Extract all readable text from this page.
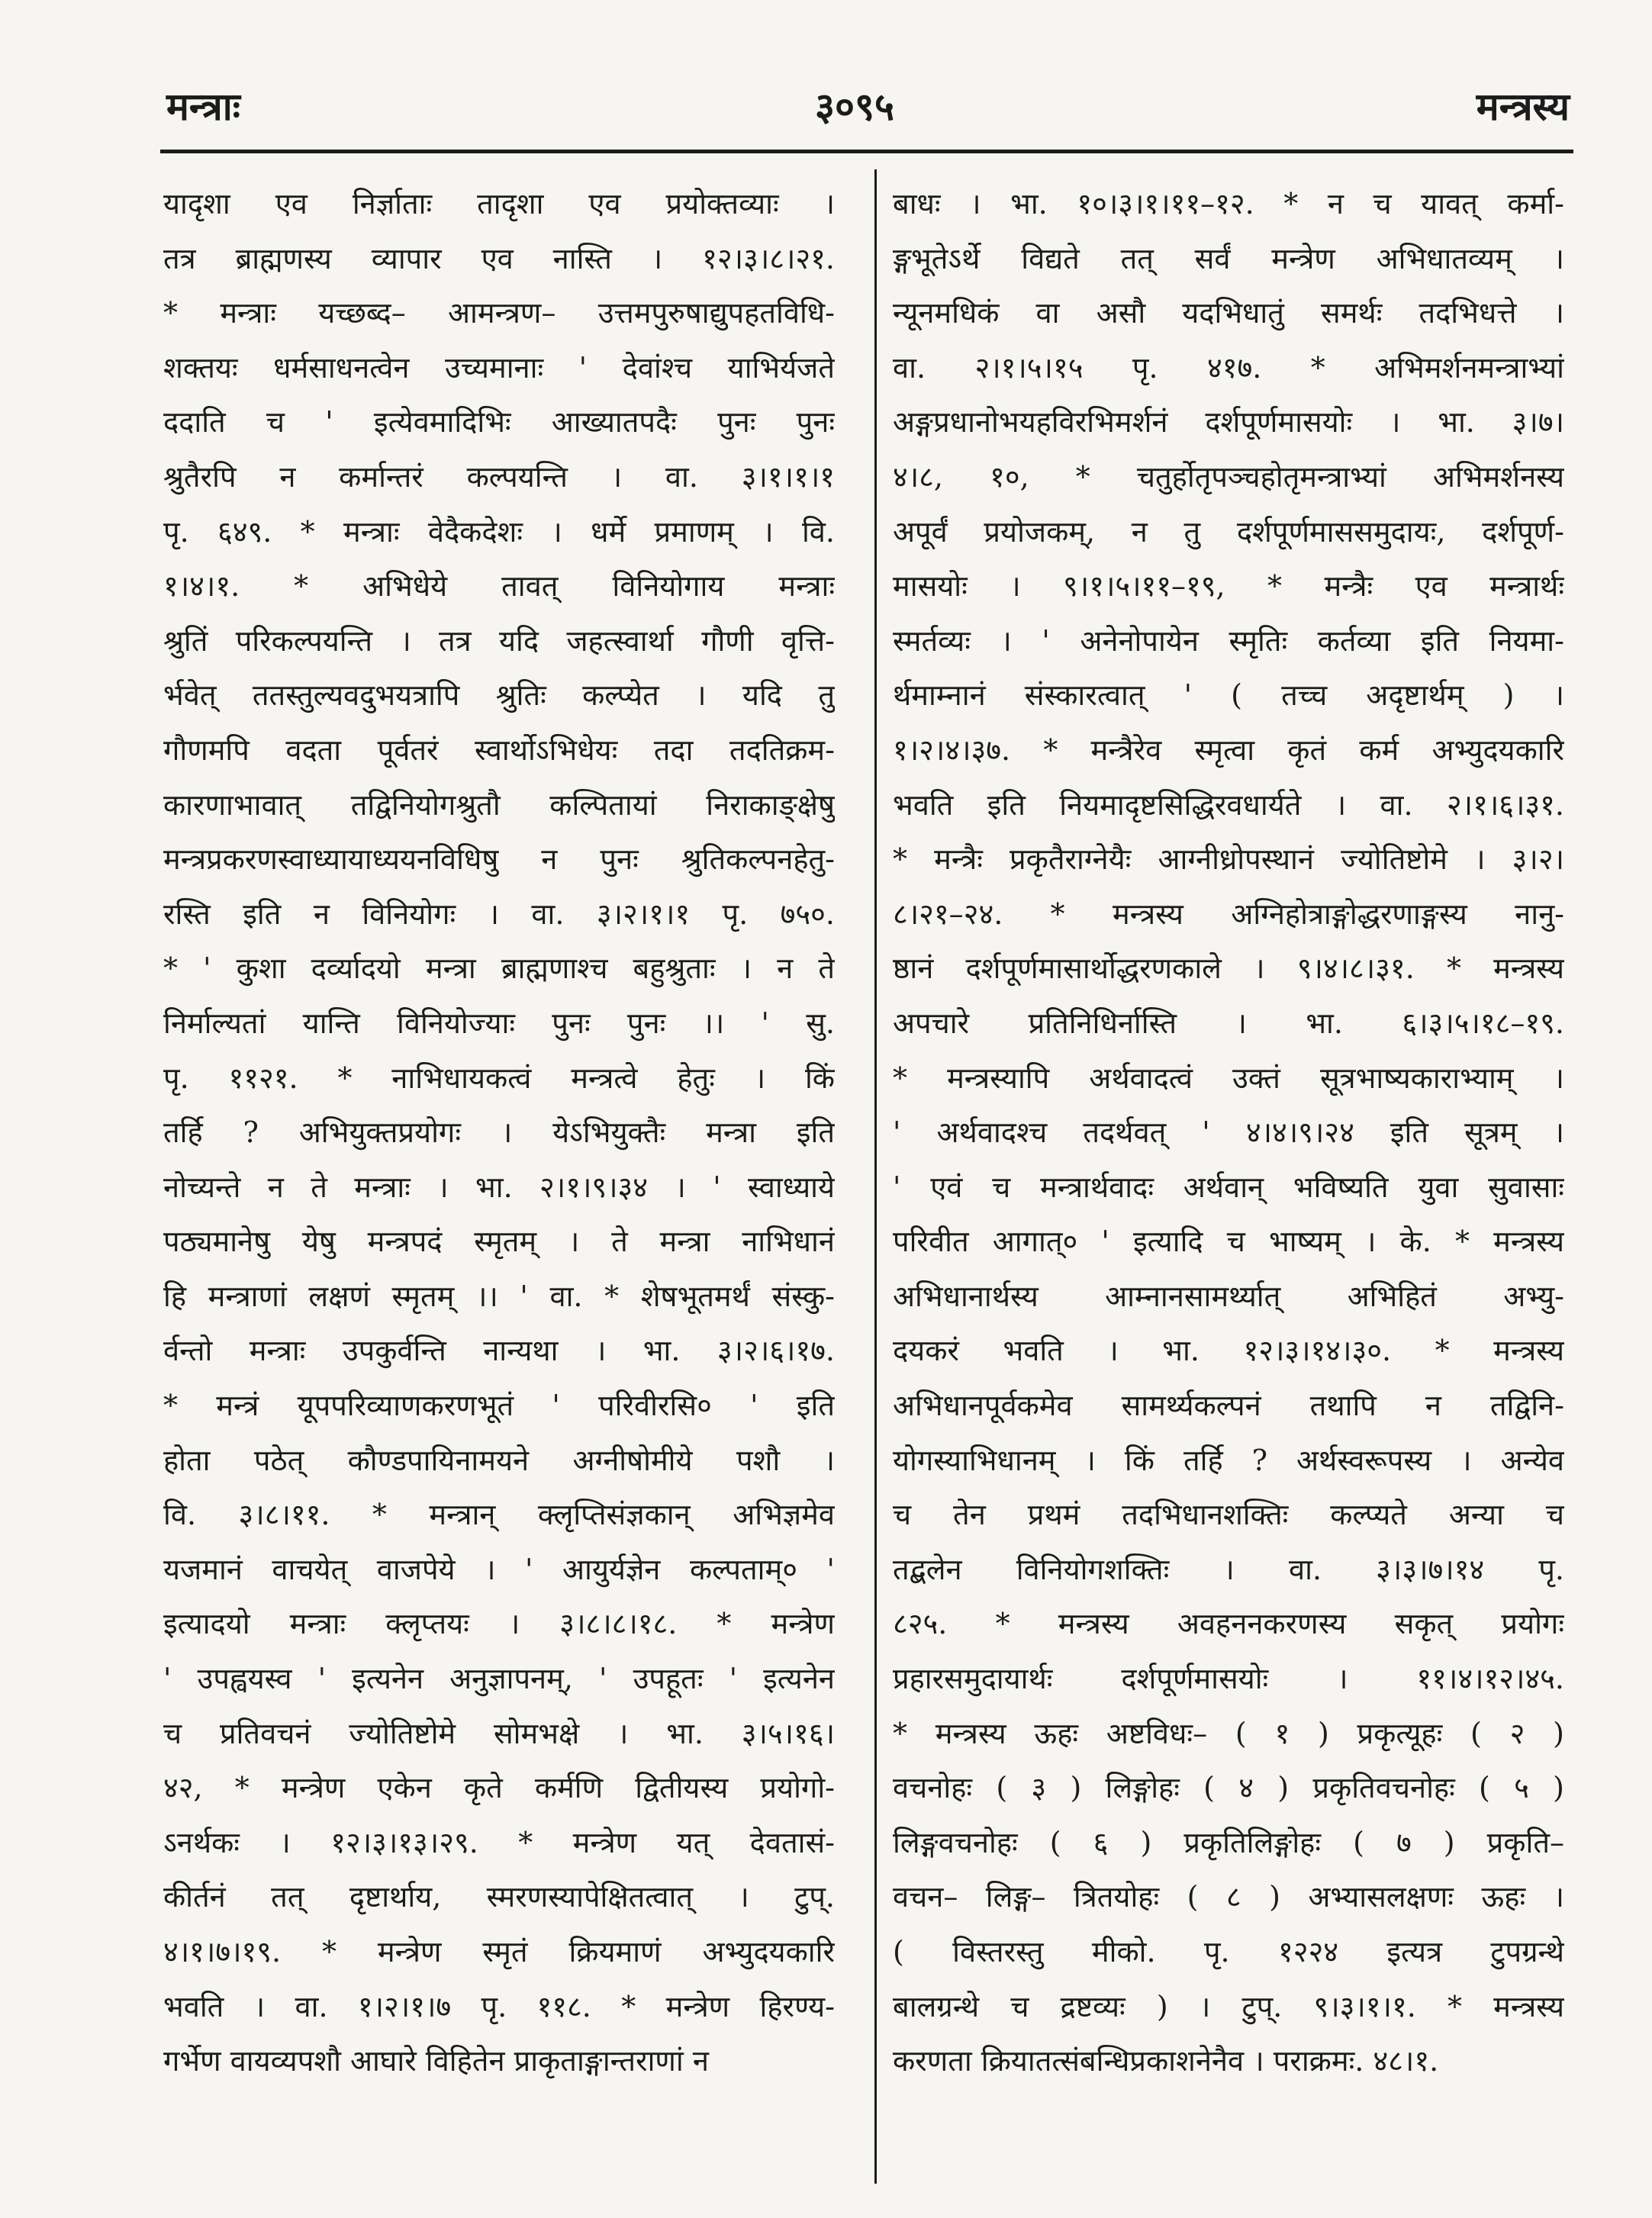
मन्त्राः	३०९५	मन्त्रस्य
यादृशा एव निर्ज्ञाताः तादृशा एव प्रयोक्तव्याः ।
तत्र ब्राह्मणस्य व्यापार एव नास्ति । १२।३।८।२१.
* मन्त्राः यच्छब्द– आमन्त्रण– उत्तमपुरुषाद्युपहतविधि-
शक्तयः धर्मसाधनत्वेन उच्यमानाः ' देवांश्च याभिर्यजते
ददाति च ' इत्येवमादिभिः आख्यातपदैः पुनः पुनः
श्रुतैरपि न कर्मान्तरं कल्पयन्ति । वा. ३।१।१।१
पृ. ६४९. * मन्त्राः वेदैकदेशः । धर्मे प्रमाणम् । वि.
१।४।१. * अभिधेये तावत् विनियोगाय मन्त्राः
श्रुतिं परिकल्पयन्ति । तत्र यदि जहत्स्वार्था गौणी वृत्ति-
र्भवेत् ततस्तुल्यवदुभयत्रापि श्रुतिः कल्प्येत । यदि तु
गौणमपि वदता पूर्वतरं स्वार्थोऽभिधेयः तदा तदतिक्रम-
कारणाभावात् तद्विनियोगश्रुतौ कल्पितायां निराकाङ्क्षेषु
मन्त्रप्रकरणस्वाध्यायाध्ययनविधिषु न पुनः श्रुतिकल्पनहेतु-
रस्ति इति न विनियोगः । वा. ३।२।१।१ पृ. ७५०.
* ' कुशा दर्व्यादयो मन्त्रा ब्राह्मणाश्च बहुश्रुताः । न ते
निर्माल्यतां यान्ति विनियोज्याः पुनः पुनः ।। ' सु.
पृ. ११२१. * नाभिधायकत्वं मन्त्रत्वे हेतुः । किं
तर्हि ? अभियुक्तप्रयोगः । येऽभियुक्तैः मन्त्रा इति
नोच्यन्ते न ते मन्त्राः । भा. २।१।९।३४ । ' स्वाध्याये
पठ्यमानेषु येषु मन्त्रपदं स्मृतम् । ते मन्त्रा नाभिधानं
हि मन्त्राणां लक्षणं स्मृतम् ।। ' वा. * शेषभूतमर्थं संस्कु-
र्वन्तो मन्त्राः उपकुर्वन्ति नान्यथा । भा. ३।२।६।१७.
* मन्त्रं यूपपरिव्याणकरणभूतं ' परिवीरसि० ' इति
होता पठेत् कौण्डपायिनामयने अग्नीषोमीये पशौ ।
वि. ३।८।११. * मन्त्रान् क्लृप्तिसंज्ञकान् अभिज्ञमेव
यजमानं वाचयेत् वाजपेये । ' आयुर्यज्ञेन कल्पताम्० '
इत्यादयो मन्त्राः क्लृप्तयः । ३।८।८।१८. * मन्त्रेण
' उपह्वयस्व ' इत्यनेन अनुज्ञापनम्, ' उपहूतः ' इत्यनेन
च प्रतिवचनं ज्योतिष्टोमे सोमभक्षे । भा. ३।५।१६।
४२, * मन्त्रेण एकेन कृते कर्मणि द्वितीयस्य प्रयोगो-
ऽनर्थकः । १२।३।१३।२९. * मन्त्रेण यत् देवतासं-
कीर्तनं तत् दृष्टार्थाय, स्मरणस्यापेक्षितत्वात् । टुप्.
४।१।७।१९. * मन्त्रेण स्मृतं क्रियमाणं अभ्युदयकारि
भवति । वा. १।२।१।७ पृ. ११८. * मन्त्रेण हिरण्य-
गर्भेण वायव्यपशौ आघारे विहितेन प्राकृताङ्गान्तराणां न
बाधः । भा. १०।३।१।११–१२. * न च यावत् कर्मा-
ङ्गभूतेऽर्थे विद्यते तत् सर्वं मन्त्रेण अभिधातव्यम् ।
न्यूनमधिकं वा असौ यदभिधातुं समर्थः तदभिधत्ते ।
वा. २।१।५।१५ पृ. ४१७. * अभिमर्शनमन्त्राभ्यां
अङ्गप्रधानोभयहविरभिमर्शनं दर्शपूर्णमासयोः । भा. ३।७।
४।८, १०, * चतुर्होतृपञ्चहोतृमन्त्राभ्यां अभिमर्शनस्य
अपूर्वं प्रयोजकम्, न तु दर्शपूर्णमाससमुदायः, दर्शपूर्ण-
मासयोः । ९।१।५।११–१९, * मन्त्रैः एव मन्त्रार्थः
स्मर्तव्यः । ' अनेनोपायेन स्मृतिः कर्तव्या इति नियमा-
र्थमाम्नानं संस्कारत्वात् ' ( तच्च अदृष्टार्थम् ) ।
१।२।४।३७. * मन्त्रैरेव स्मृत्वा कृतं कर्म अभ्युदयकारि
भवति इति नियमादृष्टसिद्धिरवधार्यते । वा. २।१।६।३१.
* मन्त्रैः प्रकृतैराग्नेयैः आग्नीध्रोपस्थानं ज्योतिष्टोमे । ३।२।
८।२१–२४. * मन्त्रस्य अग्निहोत्राङ्गोद्धरणाङ्गस्य नानु-
ष्ठानं दर्शपूर्णमासार्थोद्धरणकाले । ९।४।८।३१. * मन्त्रस्य
अपचारे प्रतिनिधिर्नास्ति । भा. ६।३।५।१८–१९.
* मन्त्रस्यापि अर्थवादत्वं उक्तं सूत्रभाष्यकाराभ्याम् ।
' अर्थवादश्च तदर्थवत् ' ४।४।९।२४ इति सूत्रम् ।
' एवं च मन्त्रार्थवादः अर्थवान् भविष्यति युवा सुवासाः
परिवीत आगात्० ' इत्यादि च भाष्यम् । के. * मन्त्रस्य
अभिधानार्थस्य आम्नानसामर्थ्यात् अभिहितं अभ्यु-
दयकरं भवति । भा. १२।३।१४।३०. * मन्त्रस्य
अभिधानपूर्वकमेव सामर्थ्यकल्पनं तथापि न तद्विनि-
योगस्याभिधानम् । किं तर्हि ? अर्थस्वरूपस्य । अन्येव
च तेन प्रथमं तदभिधानशक्तिः कल्प्यते अन्या च
तद्बलेन विनियोगशक्तिः । वा. ३।३।७।१४ पृ.
८२५. * मन्त्रस्य अवहननकरणस्य सकृत् प्रयोगः
प्रहारसमुदायार्थः दर्शपूर्णमासयोः । ११।४।१२।४५.
* मन्त्रस्य ऊहः अष्टविधः– ( १ ) प्रकृत्यूहः ( २ )
वचनोहः ( ३ ) लिङ्गोहः ( ४ ) प्रकृतिवचनोहः ( ५ )
लिङ्गवचनोहः ( ६ ) प्रकृतिलिङ्गोहः ( ७ ) प्रकृति–
वचन– लिङ्ग– त्रितयोहः ( ८ ) अभ्यासलक्षणः ऊहः ।
( विस्तरस्तु मीको. पृ. १२२४ इत्यत्र टुपग्रन्थे
बालग्रन्थे च द्रष्टव्यः ) । टुप्. ९।३।१।१. * मन्त्रस्य
करणता क्रियातत्संबन्धिप्रकाशनेनैव । पराक्रमः. ४८।१.
